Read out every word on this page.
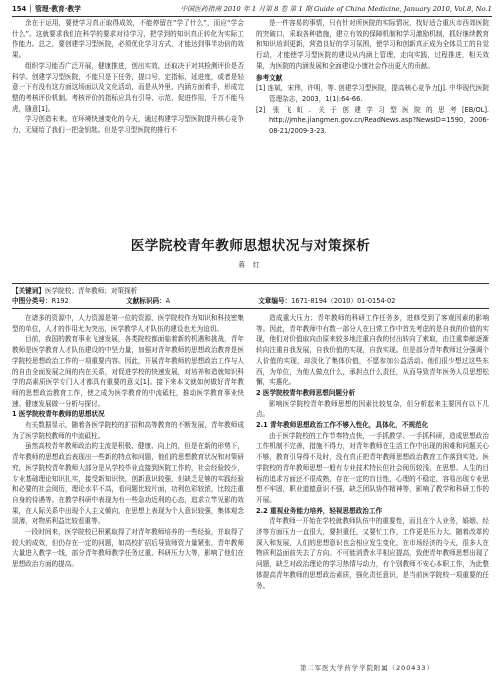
154 │ 管理·教育·教学	中国医药指南 2010 年 1 月第 8 卷 第 1 期 Guide of China Medicine, January 2010, Vol.8, No.1

余在于运用，要使学习真正取得成效，不能停留在“学了什么”，而应“学会什么”。这就要求我们在科学的要求对待学习，把学到的知识真正转化为实际工作能力。总之，要创建学习型医院，必须优化学习方式，才能达到事半功倍的效果。

组织学习能否广泛开展，健康推进，创出实效，还取决于对其检测评价是否科学。创建学习型医院，不能只是下任务，提口号，定指标，延进度，或者是轻意一下有没有这方面这场面以及文化活动，而是从外里、内涵方面着手，形成完整的考核评价机制。考核评价的指标应具有引导、示范、促进作用，千万不能马虎，随意[1]。

学习创造未来。在环境快速变化的今天，通过构建学习型医院提升核心竞争力，无疑给了我们一把金钥匙。但是学习型医院的推行不

是一件容易的事情，只有针对所医院的实际情况，找好适合重庆市西郊医院的突破口，采取各种措施，建立有效的保障机制和学习激励机制，抓好继续教育和知识培训更新，营造良好的学习氛围，使学习和创新真正成为全体员工的自觉行动，才能使学习型医院的建设从内涵上管理，走向实践，过程推进，相关效果，为医院的内涵发展和全面建设小康社会作出更大的贡献。

参考文献

[1] 连斌，宋伟，许明，等. 创建学习型医院，提高核心竞争力[J]. 中华现代医院管理杂志，2003，1(1):64-66.

[2] 张飞虹. 关于创建学习型医院的思考[EB/OL]. http://jmhe.jiangmen.gov.cn/ReadNews.asp?NewsID=1590，2006-08-21/2009-3-23.

医学院校青年教师思想状况与对策探析
蒋 红
【关键词】医学院校；青年教师；对策探析
中图分类号：R192	文献标识码：A	文章编号：1671-8194（2010）01-0154-02

在诸多的资源中，人力资源是第一位的资源，医学院校作为知识和科技密集型的单位，人才的作用尤为突出，医学教学人才队伍的建设也尤为迫切。

目前，我国的教育事业飞速发展，各类院校都面临着新的机遇和挑战，青年教师是医学教育人才队伍建设的中坚力量，加强对青年教师的思想政治教育是医学院校思想政治工作的一项重要内容。因此，开展青年教师的思想政治工作与人的自由全面发展之间的内在关系，对促进学校的快速发展，对培养和造就知识科学的高素质医学专门人才都具有重要的意义[1]。接下来本文就如何做好青年教师的思想政治教育工作，使之成为医学教育的中流砥柱，推动医学教育事业快速、健康发展做一分析与探讨。

1 医学院校青年教师的思想状况

有关数据显示，随着各医学院校的扩招和高等教育的不断发展，青年教师成为了医学院校教师的中流砥柱。

虽然高校青年教师政治的主流是积极、健康、向上的，但是在新的形势下，青年教师的思想政治表现出一些新的特点和问题，他们的思想教育状况和对策研究，医学院校青年教师大部分是从学校毕业直接到医院工作的，社会经验较少，专业基础理论知识扎实，接受新知识快，创新意识较强，但缺乏足够的实践经验和必要的社会阅历，理论水平不高，看问题比较片面，功利色彩较浓，比较注重自身的待遇等。在教学科研中表现为有一些急功近利的心态，追求立竿见影的效果，在人际关系中出现个人主义倾向，在思想上表现为个人意识较强，集体观念淡薄，对物质利益比较看重等。

一段时间来，医学院校已积累取得了对青年教师培养的一些经验，并取得了较大的成效，但仍存在一定的问题，如高校扩招后导致师资力量紧张，青年教师大量进入教学一线，部分青年教师教学任务过重、科研压力大等，影响了他们在思想政治方面的提高。

造成重大压力；青年教师的科研工作任务多，进修受到了客观因素的影响等。因此，青年教师中有数一部分人在日常工作中首先考虑的是自我的价值的实现，他们对价值取向由原来较多地注重自我的付出转向了索取，由注重奉献逐渐转向注重自我发展，自我价值的实现，自我实现。但是部分青年教师过分强调个人价值的实现，却淡化了集体价值，不愿参加公益活动。他们很少想过这些东西，为单位，为他人做点什么，承担点什么责任，从而导致青年医务人员思想松懈，实惠化。

2 医学院校青年教师思想问题分析

影响医学院校青年教师思想的因素比较复杂，但分析起来主要因有以下几点。

2.1 青年教师思想政治工作不够入性化，具体化，不规范化

由于医学院校的工作节奏特点快，一手抓教学、一手抓科研，造成思想政治工作机制不完善，措施不得力，对青年教师在生活工作中出现的困难和问题关心不够，教育引导得不及时，没有真正把青年教师思想政治教育工作落到实处。医学院校的青年教师思想一般有专业技术特长但社会阅历较浅，在思想、人生的目标的追求方面还不很成熟，存在一定的盲目性，心理的不稳定，容易出现专业思想不牢固，职业道德意识不强，缺乏团队协作精神等，影响了教学和科研工作的开展。

2.2 重视业务能力培养，轻视思想政治工作

青年教师一开始在学校就教师队伍中的重要性，而且在个人业务，婚姻、经济等方面压力一直很大，要担重任，又要忙工作，工作更是压力大。随着改革的深入和发展，人们的思想意识也会相应发生变化，在市场经济的今天，很多人在物质利益面前失去了方向。不可能消费水平相应提高，致使青年教师思想出现了问题，缺乏对政治理论的学习热情与动力，有个别教师不安心本职工作，为此整体提高青年教师的思想政治素质，强化责任意识，是当前医学院校一项重要的任务。

第二军医大学药学学院附属（200433）
